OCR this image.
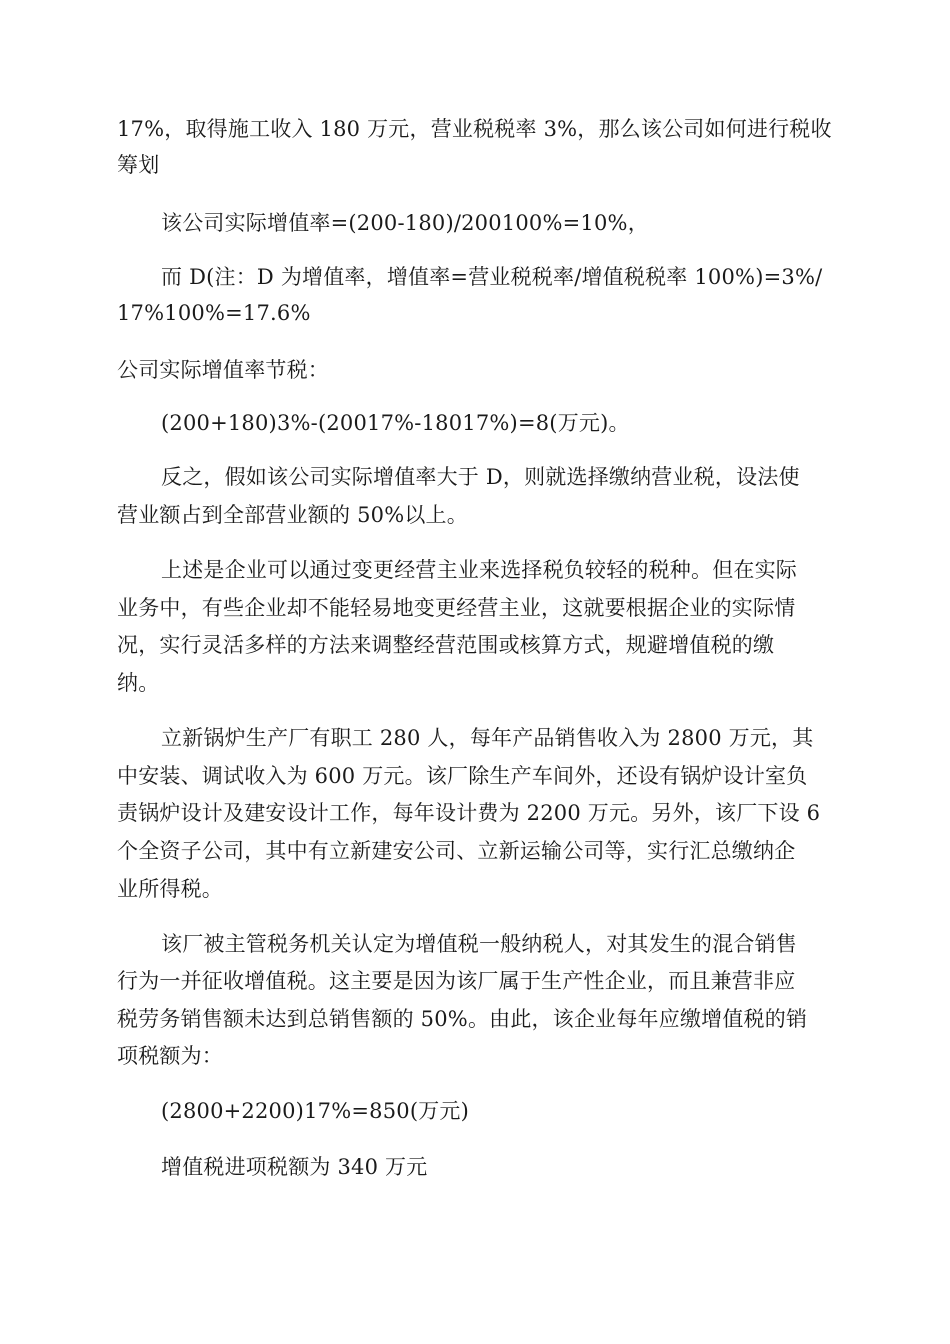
17%，取得施工收入 180 万元，营业税税率 3%，那么该公司如何进行税收
筹划
该公司实际增值率=(200-180)/200100%=10%，
而 D(注：D 为增值率，增值率=营业税税率/增值税税率 100%)=3%/
17%100%=17.6%
公司实际增值率节税：
(200+180)3%-(20017%-18017%)=8(万元)。
反之，假如该公司实际增值率大于 D，则就选择缴纳营业税，设法使
营业额占到全部营业额的 50%以上。
上述是企业可以通过变更经营主业来选择税负较轻的税种。但在实际
业务中，有些企业却不能轻易地变更经营主业，这就要根据企业的实际情
况，实行灵活多样的方法来调整经营范围或核算方式，规避增值税的缴
纳。
立新锅炉生产厂有职工 280 人，每年产品销售收入为 2800 万元，其
中安装、调试收入为 600 万元。该厂除生产车间外，还设有锅炉设计室负
责锅炉设计及建安设计工作，每年设计费为 2200 万元。另外，该厂下设 6
个全资子公司，其中有立新建安公司、立新运输公司等，实行汇总缴纳企
业所得税。
该厂被主管税务机关认定为增值税一般纳税人，对其发生的混合销售
行为一并征收增值税。这主要是因为该厂属于生产性企业，而且兼营非应
税劳务销售额未达到总销售额的 50%。由此，该企业每年应缴增值税的销
项税额为：
(2800+2200)17%=850(万元)
增值税进项税额为 340 万元
